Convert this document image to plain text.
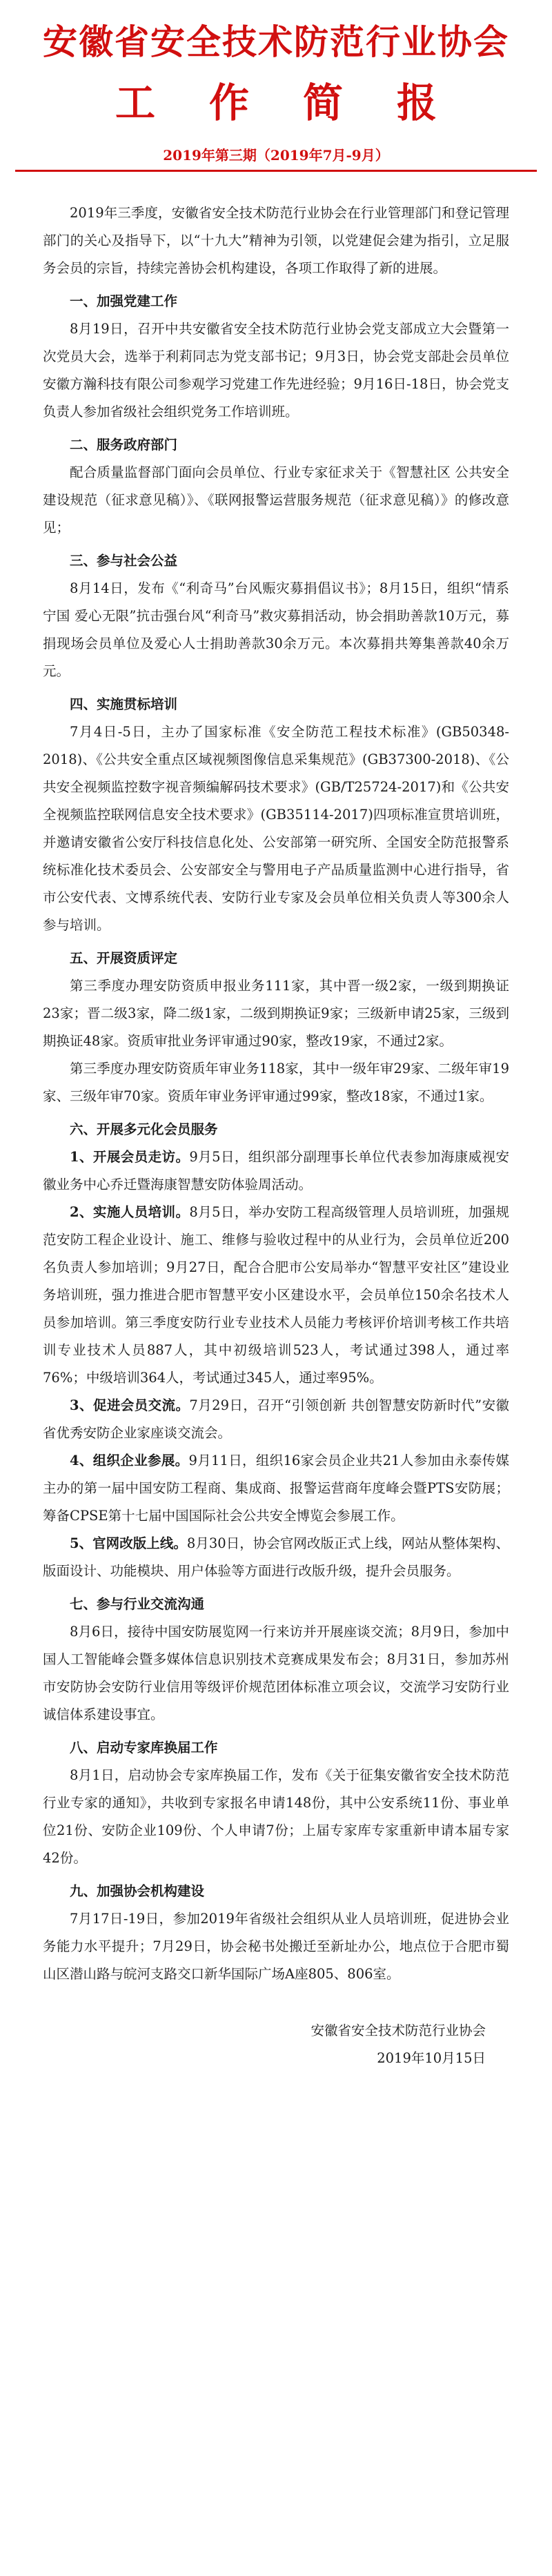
安徽省安全技术防范行业协会
工作简报
2019年第三期（2019年7月-9月）

2019年三季度，安徽省安全技术防范行业协会在行业管理部门和登记管理部门的关心及指导下，以“十九大”精神为引领，以党建促会建为指引，立足服务会员的宗旨，持续完善协会机构建设，各项工作取得了新的进展。

一、加强党建工作

8月19日，召开中共安徽省安全技术防范行业协会党支部成立大会暨第一次党员大会，选举于利莉同志为党支部书记；9月3日，协会党支部赴会员单位安徽方瀚科技有限公司参观学习党建工作先进经验；9月16日-18日，协会党支负责人参加省级社会组织党务工作培训班。

二、服务政府部门

配合质量监督部门面向会员单位、行业专家征求关于《智慧社区 公共安全建设规范（征求意见稿）》、《联网报警运营服务规范（征求意见稿）》的修改意见；

三、参与社会公益

8月14日，发布《“利奇马”台风赈灾募捐倡议书》；8月15日，组织“情系宁国 爱心无限”抗击强台风“利奇马”救灾募捐活动，协会捐助善款10万元，募捐现场会员单位及爱心人士捐助善款30余万元。本次募捐共筹集善款40余万元。

四、实施贯标培训

7月4日-5日，主办了国家标准《安全防范工程技术标准》(GB50348-2018)、《公共安全重点区域视频图像信息采集规范》(GB37300-2018)、《公共安全视频监控数字视音频编解码技术要求》(GB/T25724-2017)和《公共安全视频监控联网信息安全技术要求》(GB35114-2017)四项标准宣贯培训班，并邀请安徽省公安厅科技信息化处、公安部第一研究所、全国安全防范报警系统标准化技术委员会、公安部安全与警用电子产品质量监测中心进行指导，省市公安代表、文博系统代表、安防行业专家及会员单位相关负责人等300余人参与培训。

五、开展资质评定

第三季度办理安防资质申报业务111家，其中晋一级2家，一级到期换证23家；晋二级3家，降二级1家，二级到期换证9家；三级新申请25家，三级到期换证48家。资质审批业务评审通过90家，整改19家，不通过2家。

第三季度办理安防资质年审业务118家，其中一级年审29家、二级年审19家、三级年审70家。资质年审业务评审通过99家，整改18家，不通过1家。

六、开展多元化会员服务

1、开展会员走访。9月5日，组织部分副理事长单位代表参加海康威视安徽业务中心乔迁暨海康智慧安防体验周活动。

2、实施人员培训。8月5日，举办安防工程高级管理人员培训班，加强规范安防工程企业设计、施工、维修与验收过程中的从业行为，会员单位近200名负责人参加培训；9月27日，配合合肥市公安局举办“智慧平安社区”建设业务培训班，强力推进合肥市智慧平安小区建设水平，会员单位150余名技术人员参加培训。第三季度安防行业专业技术人员能力考核评价培训考核工作共培训专业技术人员887人，其中初级培训523人，考试通过398人，通过率76%；中级培训364人，考试通过345人，通过率95%。

3、促进会员交流。7月29日，召开“引领创新 共创智慧安防新时代”安徽省优秀安防企业家座谈交流会。

4、组织企业参展。9月11日，组织16家会员企业共21人参加由永泰传媒主办的第一届中国安防工程商、集成商、报警运营商年度峰会暨PTS安防展；筹备CPSE第十七届中国国际社会公共安全博览会参展工作。

5、官网改版上线。8月30日，协会官网改版正式上线，网站从整体架构、版面设计、功能模块、用户体验等方面进行改版升级，提升会员服务。

七、参与行业交流沟通

8月6日，接待中国安防展览网一行来访并开展座谈交流；8月9日，参加中国人工智能峰会暨多媒体信息识别技术竞赛成果发布会；8月31日，参加苏州市安防协会安防行业信用等级评价规范团体标准立项会议，交流学习安防行业诚信体系建设事宜。

八、启动专家库换届工作

8月1日，启动协会专家库换届工作，发布《关于征集安徽省安全技术防范行业专家的通知》，共收到专家报名申请148份，其中公安系统11份、事业单位21份、安防企业109份、个人申请7份；上届专家库专家重新申请本届专家42份。

九、加强协会机构建设

7月17日-19日，参加2019年省级社会组织从业人员培训班，促进协会业务能力水平提升；7月29日，协会秘书处搬迁至新址办公，地点位于合肥市蜀山区潜山路与皖河支路交口新华国际广场A座805、806室。

安徽省安全技术防范行业协会
2019年10月15日
